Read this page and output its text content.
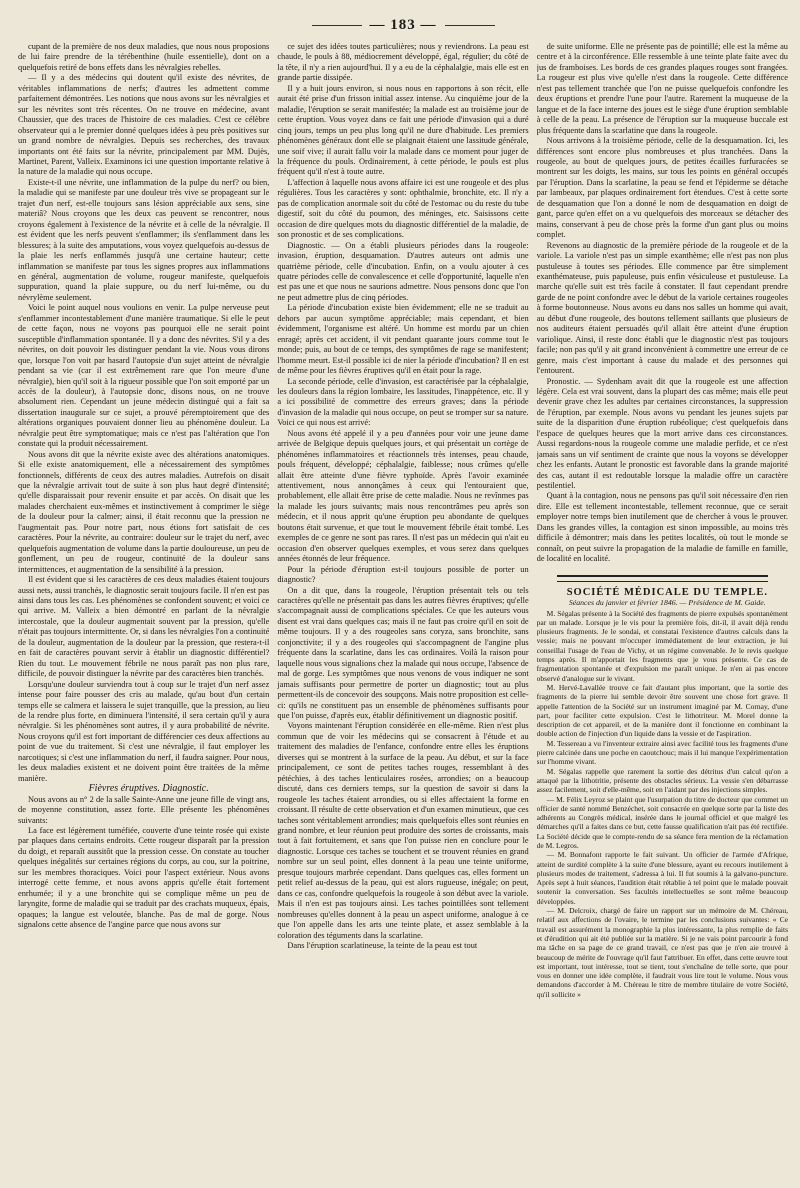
— 183 —

cupant de la première de nos deux maladies, que nous nous proposions de lui faire prendre de la térébenthine (huile essentielle), dont on a quelquefois retiré de bons effets dans les névralgies rebelles.

— Il y a des médecins qui doutent qu'il existe des névrites, de véritables inflammations de nerfs; d'autres les admettent comme parfaitement démontrées. Les notions que nous avons sur les névralgies et sur les névrites sont très récentes. On ne trouve en médecine, avant Chaussier, que des traces de l'histoire de ces maladies. C'est ce célèbre observateur qui a le premier donné quelques idées à peu près positives sur un grand nombre de névralgies. Depuis ses recherches, des travaux importants ont été faits sur la névrite, principalement par MM. Dujès, Martinet, Parent, Valleix. Examinons ici une question importante relative à la nature de la maladie qui nous occupe.

Existe-t-il une névrite, une inflammation de la pulpe du nerf? ou bien, la maladie qui se manifeste par une douleur très vive se propageant sur le trajet d'un nerf, est-elle toujours sans lésion appréciable aux sens, sine materiâ? Nous croyons que les deux cas peuvent se rencontrer, nous croyons également à l'existence de la névrite et à celle de la névralgie. Il est évident que les nerfs peuvent s'enflammer; ils s'enflamment dans les blessures; à la suite des amputations, vous voyez quelquefois au-dessus de la plaie les nerfs enflammés jusqu'à une certaine hauteur; cette inflammation se manifeste par tous les signes propres aux inflammations en général, augmentation de volume, rougeur manifeste, quelquefois suppuration, quand la plaie suppure, ou du nerf lui-même, ou du névrylème seulement.

Voici le point auquel nous voulions en venir. La pulpe nerveuse peut s'enflammer incontestablement d'une manière traumatique. Si elle le peut de cette façon, nous ne voyons pas pourquoi elle ne serait point susceptible d'inflammation spontanée. Il y a donc des névrites. S'il y a des névrites, on doit pouvoir les distinguer pendant la vie. Nous vous dirons que, lorsque l'on voit par hasard l'autopsie d'un sujet atteint de névralgie pendant sa vie (car il est extrêmement rare que l'on meure d'une névralgie), bien qu'il soit à la rigueur possible que l'on soit emporté par un accès de la douleur), à l'autopsie donc, disons nous, on ne trouve absolument rien. Cependant un jeune médecin distingué qui a fait sa dissertation inaugurale sur ce sujet, a prouvé péremptoirement que des altérations organiques pouvaient donner lieu au phénomène douleur. La névralgie peut être symptomatique; mais ce n'est pas l'altération que l'on constate qui la produit nécessairement.

Nous avons dit que la névrite existe avec des altérations anatomiques. Si elle existe anatomiquement, elle a nécessairement des symptômes fonctionnels, différents de ceux des autres maladies. Autrefois on disait que la névralgie arrivait tout de suite à son plus haut degré d'intensité; qu'elle disparaissait pour revenir ensuite et par accès. On disait que les malades cherchaient eux-mêmes et instinctivement à comprimer le siège de la douleur pour la calmer; ainsi, il était reconnu que la pression ne l'augmentait pas. Pour notre part, nous étions fort satisfait de ces caractères. Pour la névrite, au contraire: douleur sur le trajet du nerf, avec quelquefois augmentation de volume dans la partie douloureuse, un peu de gonflement, un peu de rougeur, continuité de la douleur sans intermittences, et augmentation de la sensibilité à la pression.

Il est évident que si les caractères de ces deux maladies étaient toujours aussi nets, aussi tranchés, le diagnostic serait toujours facile. Il n'en est pas ainsi dans tous les cas. Les phénomènes se confondent souvent; et voici ce qui arrive. M. Valleix a bien démontré en parlant de la névralgie intercostale, que la douleur augmentait souvent par la pression, qu'elle n'était pas toujours intermittente. Or, si dans les névralgies l'on a continuité de la douleur, augmentation de la douleur par la pression, que restera-t-il en fait de caractères pouvant servir à établir un diagnostic différentiel? Rien du tout. Le mouvement fébrile ne nous paraît pas non plus rare, difficile, de pouvoir distinguer la névrite par des caractères bien tranchés.

Lorsqu'une douleur surviendra tout à coup sur le trajet d'un nerf assez intense pour faire pousser des cris au malade, qu'au bout d'un certain temps elle se calmera et laissera le sujet tranquille, que la pression, au lieu de la rendre plus forte, en diminuera l'intensité, il sera certain qu'il y aura névralgie. Si les phénomènes sont autres, il y aura probabilité de névrite. Nous croyons qu'il est fort important de différencier ces deux affections au point de vue du traitement. Si c'est une névralgie, il faut employer les narcotiques; si c'est une inflammation du nerf, il faudra saigner. Pour nous, les deux maladies existent et ne doivent point être traitées de la même manière.

Fièvres éruptives. Diagnostic.

Nous avons au n° 2 de la salle Sainte-Anne une jeune fille de vingt ans, de moyenne constitution, assez forte. Elle présente les phénomènes suivants:

La face est légèrement tuméfiée, couverte d'une teinte rosée qui existe par plaques dans certains endroits. Cette rougeur disparaît par la pression du doigt, et reparaît aussitôt que la pression cesse. On constate au toucher quelques inégalités sur certaines régions du corps, au cou, sur la poitrine, sur les membres thoraciques. Voici pour l'aspect extérieur. Nous avons interrogé cette femme, et nous avons appris qu'elle était fortement enrhumée; il y a une bronchite qui se complique même un peu de laryngite, forme de maladie qui se traduit par des crachats muqueux, épais, opaques; la langue est veloutée, blanche. Pas de mal de gorge. Nous signalons cette absence de l'angine parce que nous avons sur

ce sujet des idées toutes particulières; nous y reviendrons. La peau est chaude, le pouls à 88, médiocrement développé, égal, régulier; du côté de la tête, il n'y a rien aujourd'hui. Il y a eu de la céphalalgie, mais elle est en grande partie dissipée.

Il y a huit jours environ, si nous nous en rapportons à son récit, elle aurait été prise d'un frisson initial assez intense. Au cinquième jour de la maladie, l'éruption se serait manifestée; la malade est au troisième jour de cette éruption. Vous voyez dans ce fait une période d'invasion qui a duré cinq jours, temps un peu plus long qu'il ne dure d'habitude. Les premiers phénomènes généraux dont elle se plaignait étaient une lassitude générale, une soif vive; il aurait fallu voir la malade dans ce moment pour juger de la fréquence du pouls. Ordinairement, à cette période, le pouls est plus fréquent qu'il n'est à toute autre.

L'affection à laquelle nous avons affaire ici est une rougeole et des plus régulières. Tous les caractères y sont: ophthalmie, bronchite, etc. Il n'y a pas de complication anormale soit du côté de l'estomac ou du reste du tube digestif, soit du côté du poumon, des méninges, etc. Saisissons cette occasion de dire quelques mots du diagnostic différentiel de la maladie, de son pronostic et de ses complications.

Diagnostic. — On a établi plusieurs périodes dans la rougeole: invasion, éruption, desquamation. D'autres auteurs ont admis une quatrième période, celle d'incubation. Enfin, on a voulu ajouter à ces quatre périodes celle de convalescence et celle d'opportunité, laquelle n'en est pas une et que nous ne saurions admettre. Nous pensons donc que l'on ne peut admettre plus de cinq périodes.

La période d'incubation existe bien évidemment; elle ne se traduit au dehors par aucun symptôme appréciable; mais cependant, et bien évidemment, l'organisme est altéré. Un homme est mordu par un chien enragé; après cet accident, il vit pendant quarante jours comme tout le monde; puis, au bout de ce temps, des symptômes de rage se manifestent; l'homme meurt. Est-il possible ici de nier la période d'incubation? Il en est de même pour les fièvres éruptives qu'il en était pour la rage.

La seconde période, celle d'invasion, est caractérisée par la céphalalgie, les douleurs dans la région lombaire, les lassitudes, l'inappétence, etc. Il y a ici possibilité de commettre des erreurs graves; dans la période d'invasion de la maladie qui nous occupe, on peut se tromper sur sa nature. Voici ce qui nous est arrivé:

Nous avons été appelé il y a peu d'années pour voir une jeune dame arrivée de Belgique depuis quelques jours, et qui présentait un cortège de phénomènes inflammatoires et réactionnels très intenses, peau chaude, pouls fréquent, développé; céphalalgie, faiblesse; nous crûmes qu'elle allait être atteinte d'une fièvre typhoïde. Après l'avoir examinée attentivement, nous annonçâmes à ceux qui l'entouraient que, probablement, elle allait être prise de cette maladie. Nous ne revînmes pas la malade les jours suivants; mais nous rencontrâmes peu après son médecin, et il nous apprit qu'une éruption peu abondante de quelques boutons était survenue, et que tout le mouvement fébrile était tombé. Les exemples de ce genre ne sont pas rares. Il n'est pas un médecin qui n'ait eu occasion d'en observer quelques exemples, et vous serez dans quelques années étonnés de leur fréquence.

Pour la période d'éruption est-il toujours possible de porter un diagnostic?

On a dit que, dans la rougeole, l'éruption présentait tels ou tels caractères qu'elle ne présentait pas dans les autres fièvres éruptives; qu'elle s'accompagnait aussi de complications spéciales. Ce que les auteurs vous disent est vrai dans quelques cas; mais il ne faut pas croire qu'il en soit de même toujours. Il y a des rougeoles sans coryza, sans bronchite, sans conjonctivite; il y a des rougeoles qui s'accompagnent de l'angine plus fréquente dans la scarlatine, dans les cas ordinaires. Voilà la raison pour laquelle nous vous signalions chez la malade qui nous occupe, l'absence de mal de gorge. Les symptômes que nous venons de vous indiquer ne sont jamais suffisants pour permettre de porter un diagnostic; tout au plus permettent-ils de concevoir des soupçons. Mais notre proposition est celle-ci: qu'ils ne constituent pas un ensemble de phénomènes suffisants pour que l'on puisse, d'après eux, établir définitivement un diagnostic positif.

Voyons maintenant l'éruption considérée en elle-même. Rien n'est plus commun que de voir les médecins qui se consacrent à l'étude et au traitement des maladies de l'enfance, confondre entre elles les éruptions diverses qui se montrent à la surface de la peau. Au début, et sur la face principalement, ce sont de petites taches rouges, ressemblant à des pétéchies, à des taches lenticulaires rosées, arrondies; on a beaucoup discuté, dans ces derniers temps, sur la question de savoir si dans la rougeole les taches étaient arrondies, ou si elles affectaient la forme en croissant. Il résulte de cette observation et d'un examen minutieux, que ces taches sont véritablement arrondies; mais quelquefois elles sont réunies en grand nombre, et leur réunion peut produire des sortes de croissants, mais tout à fait fortuitement, et sans que l'on puisse rien en conclure pour le diagnostic. Lorsque ces taches se touchent et se trouvent réunies en grand nombre sur un seul point, elles donnent à la peau une teinte uniforme, presque toujours marbrée cependant. Dans quelques cas, elles forment un petit relief au-dessus de la peau, qui est alors rugueuse, inégale; on peut, dans ce cas, confondre quelquefois la rougeole à son début avec la variole. Mais il n'en est pas toujours ainsi. Les taches pointillées sont tellement nombreuses qu'elles donnent à la peau un aspect uniforme, analogue à ce que l'on appelle dans les arts une teinte plate, et assez semblable à la coloration des téguments dans la scarlatine.

Dans l'éruption scarlatineuse, la teinte de la peau est tout

de suite uniforme. Elle ne présente pas de pointillé; elle est la même au centre et à la circonférence. Elle ressemble à une teinte plate faite avec du jus de framboises. Les bords de ces grandes plaques rouges sont frangées. La rougeur est plus vive qu'elle n'est dans la rougeole. Cette différence n'est pas tellement tranchée que l'on ne puisse quelquefois confondre les deux éruptions et prendre l'une pour l'autre. Rarement la muqueuse de la langue et de la face interne des joues est le siège d'une éruption semblable à celle de la peau. La présence de l'éruption sur la muqueuse buccale est plus fréquente dans la scarlatine que dans la rougeole.

Nous arrivons à la troisième période, celle de la desquamation. Ici, les différences sont encore plus nombreuses et plus tranchées. Dans la rougeole, au bout de quelques jours, de petites écailles furfuracées se montrent sur les doigts, les mains, sur tous les points en général occupés par l'éruption. Dans la scarlatine, la peau se fend et l'épiderme se détache par lambeaux, par plaques ordinairement fort étendues. C'est à cette sorte de desquamation que l'on a donné le nom de desquamation en doigt de gant, parce qu'en effet on a vu quelquefois des morceaux se détacher des mains, conservant à peu de chose près la forme d'un gant plus ou moins complet.

Revenons au diagnostic de la première période de la rougeole et de la variole. La variole n'est pas un simple exanthème; elle n'est pas non plus pustuleuse à toutes ses périodes. Elle commence par être simplement exanthémateuse, puis papuleuse, puis enfin vésiculeuse et pustuleuse. La marche qu'elle suit est très facile à constater. Il faut cependant prendre garde de ne point confondre avec le début de la variole certaines rougeoles à forme boutonneuse. Nous avons eu dans nos salles un homme qui avait, au début d'une rougeole, des boutons tellement saillants que plusieurs de nos auditeurs étaient persuadés qu'il allait être atteint d'une éruption variolique. Ainsi, il reste donc établi que le diagnostic n'est pas toujours facile; non pas qu'il y ait grand inconvénient à commettre une erreur de ce genre, mais c'est important à cause du malade et des personnes qui l'entourent.

Pronostic. — Sydenham avait dit que la rougeole est une affection légère. Cela est vrai souvent, dans la plupart des cas même; mais elle peut devenir grave chez les adultes par certaines circonstances, la suppression de l'éruption, par exemple. Nous avons vu pendant les jeunes sujets par suite de la disparition d'une éruption rubéolique; c'est quelquefois dans l'espace de quelques heures que la mort arrive dans ces circonstances. Aussi regardons-nous la rougeole comme une maladie perfide, et ce n'est jamais sans un vif sentiment de crainte que nous la voyons se développer chez les enfants. Autant le pronostic est favorable dans la grande majorité des cas, autant il est redoutable lorsque la maladie offre un caractère pestilentiel.

Quant à la contagion, nous ne pensons pas qu'il soit nécessaire d'en rien dire. Elle est tellement incontestable, tellement reconnue, que ce serait employer notre temps bien inutilement que de chercher à vous le prouver. Dans les grandes villes, la contagion est sinon impossible, au moins très difficile à démontrer; mais dans les petites localités, où tout le monde se connaît, on peut suivre la propagation de la maladie de famille en famille, de localité en localité.

SOCIÉTÉ MÉDICALE DU TEMPLE.

Séances du janvier et février 1846. — Présidence de M. Gaide.

M. Ségalas présente à la Société des fragments de pierre expulsés spontanément par un malade. Lorsque je le vis pour la première fois, dit-il, il avait déjà rendu plusieurs fragments. Je le sondai, et constatai l'existence d'autres calculs dans la vessie; mais ne pouvant m'occuper immédiatement de leur extraction, je lui conseillai l'usage de l'eau de Vichy, et un régime convenable. Je le revis quelque temps après. Il m'apportait les fragments que je vous présente. Ce cas de fragmentation spontanée et d'expulsion me paraît unique. Je n'en ai pas encore observé d'analogue sur le vivant.

M. Hervé-Lavallée trouve ce fait d'autant plus important, que la sortie des fragments de la pierre lui semble devoir être souvent une chose fort grave. Il appelle l'attention de la Société sur un instrument imaginé par M. Cornay, d'une part, pour faciliter cette expulsion. C'est le lithotriteur. M. Morel donne la description de cet appareil, et de la manière dont il fonctionne en combinant la double action de l'injection d'un liquide dans la vessie et de l'aspiration.

M. Tessereau a vu l'inventeur extraire ainsi avec facilité tous les fragments d'une pierre calcinée dans une poche en caoutchouc; mais il lui manque l'expérimentation sur l'homme vivant.

M. Ségalas rappelle que rarement la sortie des détritus d'un calcul qu'on a attaqué par la lithotritie, présente des obstacles sérieux. La vessie s'en débarrasse assez facilement, soit d'elle-même, soit en l'aidant par des injections simples.

— M. Félix Leyroz se plaint que l'usurpation du titre de docteur que commet un officier de santé nommé Benzéchet, soit consacrée en quelque sorte par la liste des adhérents au Congrès médical, insérée dans le journal officiel et que malgré les démarches qu'il a faites dans ce but, cette fausse qualification n'ait pas été rectifiée. La Société décide que le compte-rendu de sa séance fera mention de la réclamation de M. Legros.

— M. Bonnafont rapporte le fait suivant. Un officier de l'armée d'Afrique, atteint de surdité complète à la suite d'une blessure, ayant eu recours inutilement à plusieurs modes de traitement, s'adressa à lui. Il fut soumis à la galvano-puncture. Après sept à huit séances, l'audition était rétablie à tel point que le malade pouvait soutenir la conversation. Ses facultés intellectuelles se sont même beaucoup développées.

— M. Delcroix, chargé de faire un rapport sur un mémoire de M. Chéreau, relatif aux affections de l'ovaire, le termine par les conclusions suivantes: « Ce travail est assurément la monographie la plus intéressante, la plus remplie de faits et d'érudition qui ait été publiée sur la matière. Si je ne vais point parcourir à fond ma tâche en sa page de ce grand travail, ce n'est pas que je n'en aie trouvé à beaucoup de mérite de l'ouvrage qu'il faut l'attribuer. En effet, dans cette œuvre tout est important, tout intéresse, tout se tient, tout s'enchaîne de telle sorte, que pour vous en donner une idée complète, il faudrait vous lire tout le volume. Nous vous demandons d'accorder à M. Chéreau le titre de membre titulaire de votre Société, qu'il sollicite »
